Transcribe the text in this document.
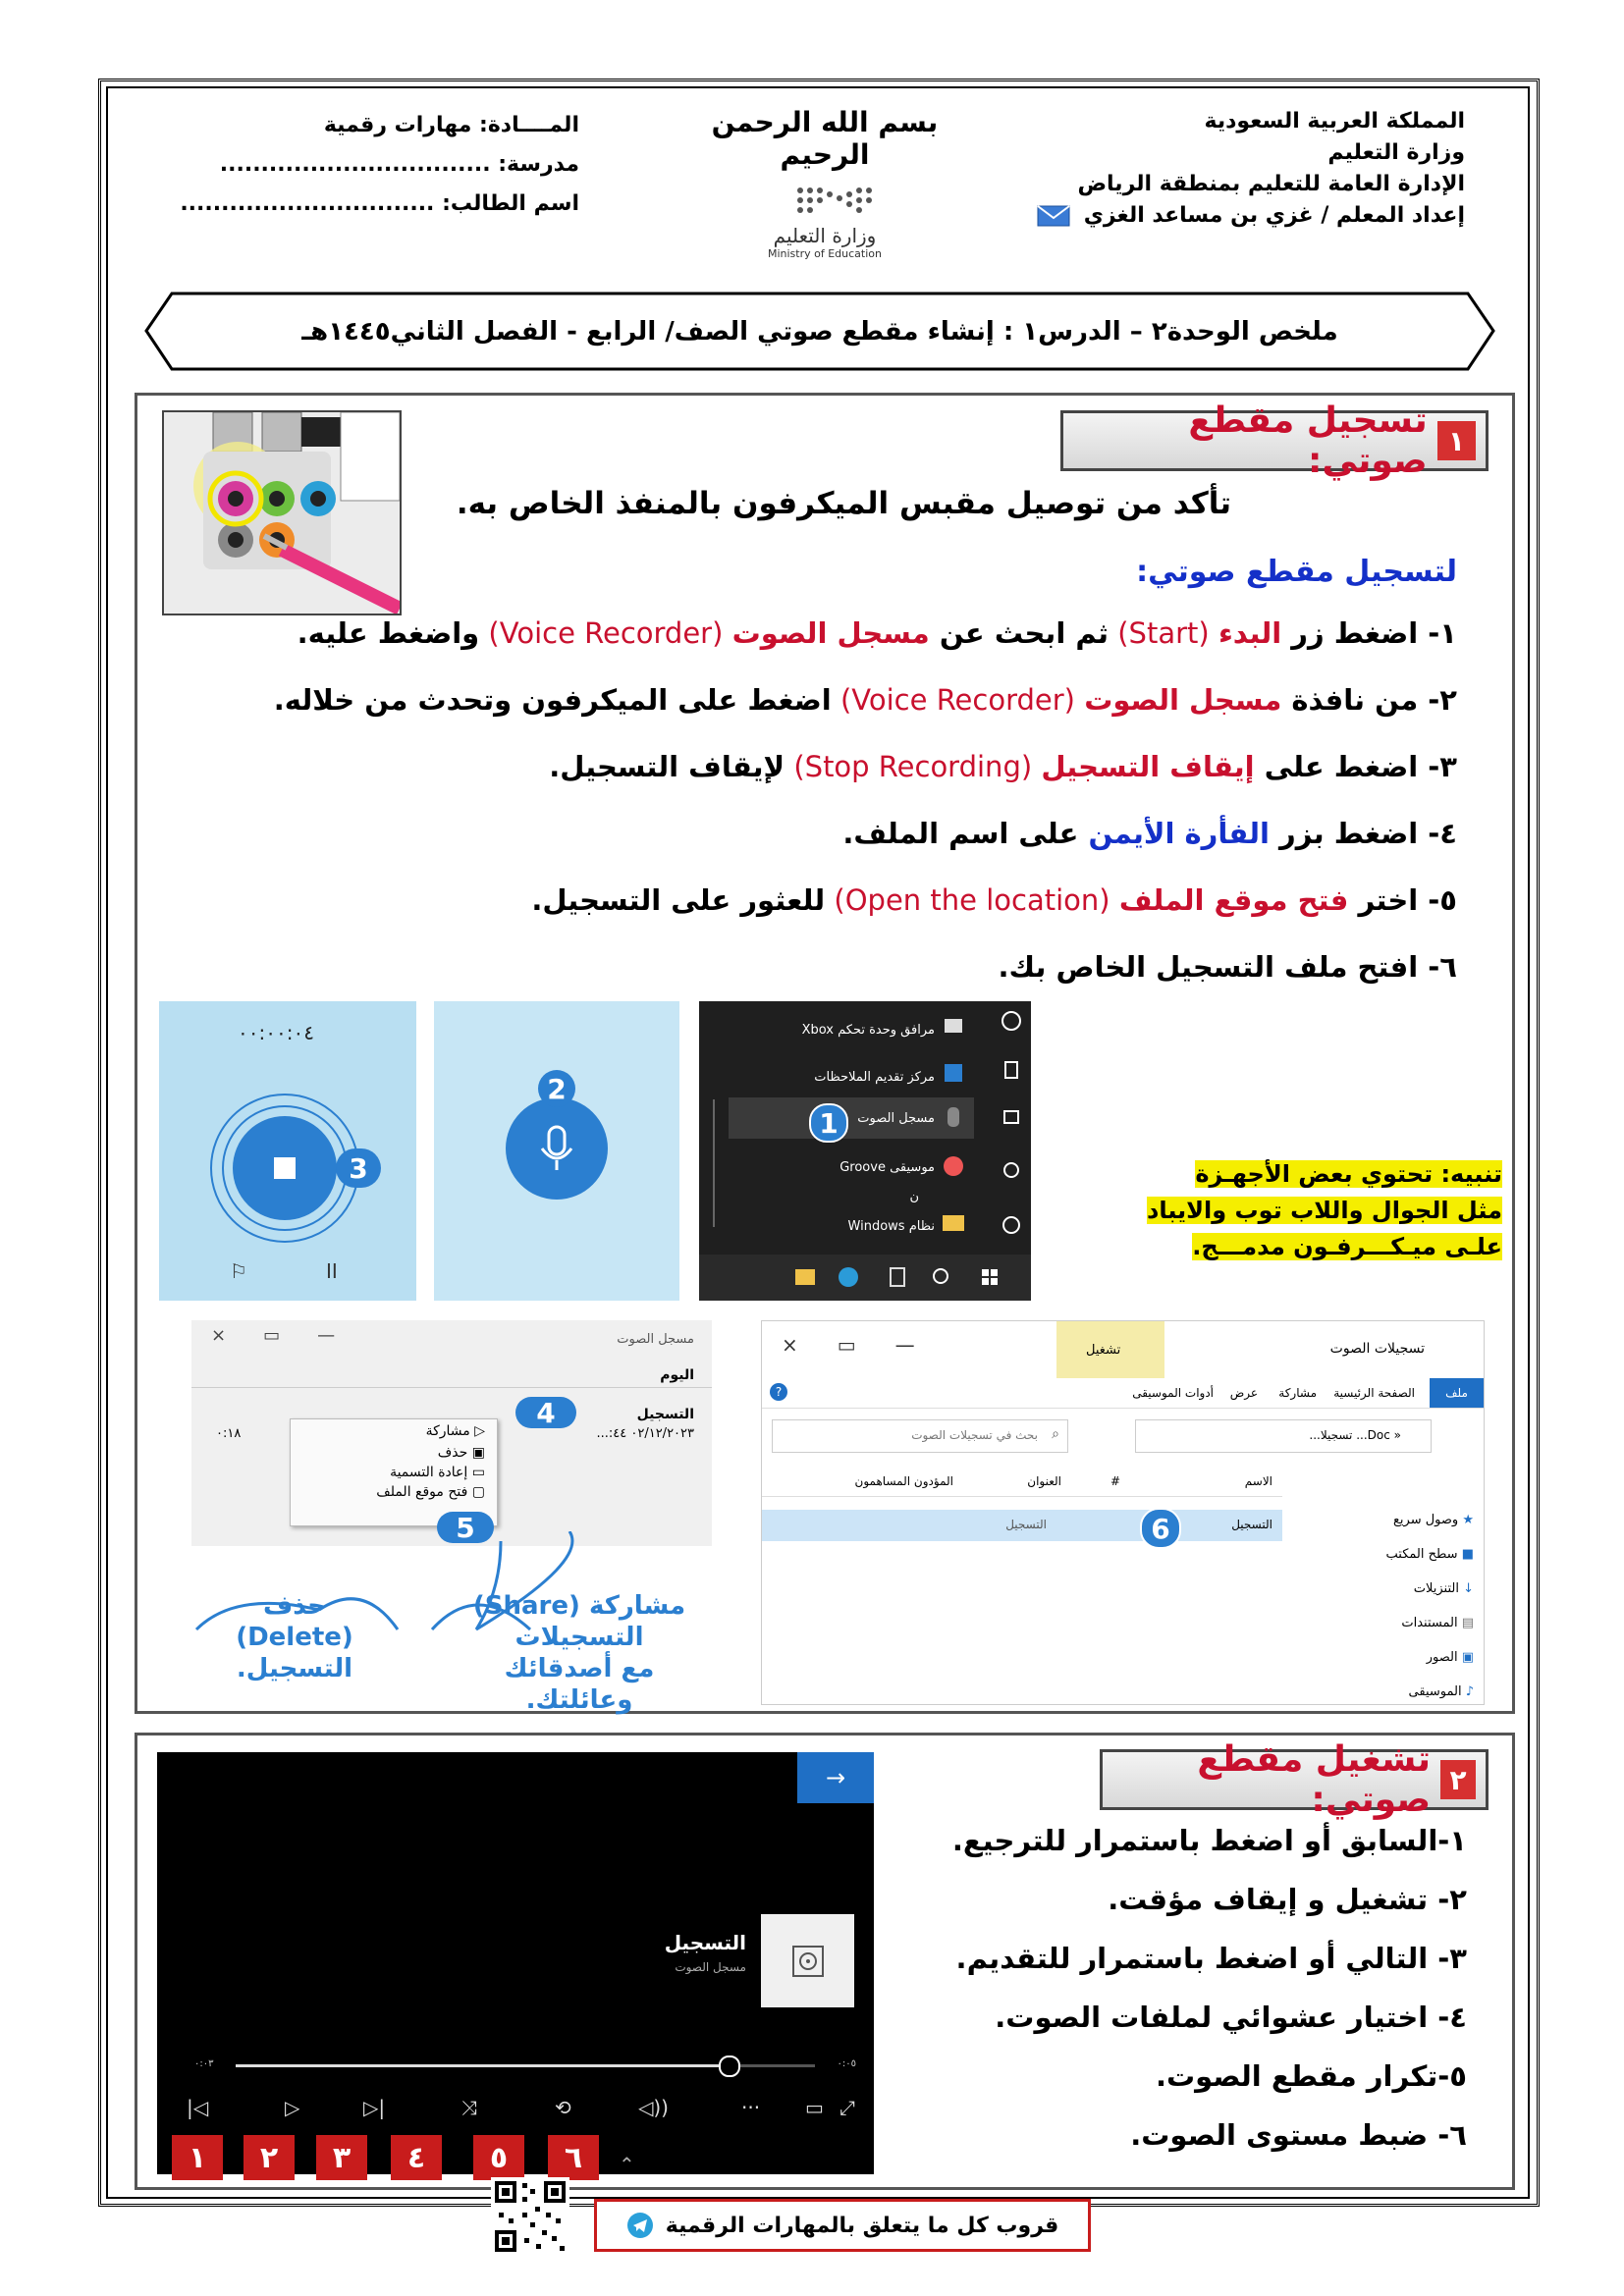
المملكة العربية السعودية
وزارة التعليم
الإدارة العامة للتعليم بمنطقة الرياض
إعداد المعلم / غزي بن مساعد الغزي
بسم الله الرحمن الرحيم
وزارة التعليم
Ministry of Education
المــــادة: مهارات رقمية
مدرسة: .................................
اسم الطالب: ...............................
ملخص الوحدة٢ – الدرس١ : إنشاء مقطع صوتي الصف/ الرابع - الفصل الثاني١٤٤٥هـ
١
تسجيل مقطع صوتي:
تأكد من توصيل مقبس الميكرفون بالمنفذ الخاص به.
لتسجيل مقطع صوتي:
١- اضغط زر البدء (Start) ثم ابحث عن مسجل الصوت (Voice Recorder) واضغط عليه.
٢- من نافذة مسجل الصوت (Voice Recorder) اضغط على الميكرفون وتحدث من خلاله.
٣- اضغط على إيقاف التسجيل (Stop Recording) لإيقاف التسجيل.
٤- اضغط بزر الفأرة الأيمن على اسم الملف.
٥- اختر فتح موقع الملف (Open the location) للعثور على التسجيل.
٦- افتح ملف التسجيل الخاص بك.
٠٠:٠٠:٠٤
⚐	II
3
2
مرافق وحدة تحكم Xbox
مركز تقديم الملاحظات
مسجل الصوت
موسيقى Groove
ن
نظام Windows
1
تنبيه: تحتوي بعض الأجهـزة
مثل الجوال واللاب توب والايباد
علـى ميـكـــرفـون مدمـــج.
مسجل الصوت
×▭—
اليوم
التسجيل
٠٢/١٢/٢٠٢٣ ٤٤:...
٠:١٨	▷ مشاركة
▣ حذف
▭ إعادة التسمية
▢ فتح موقع الملف
4
5
حذف
(Delete)
التسجيل.
مشاركة (Share)
التسجيلات
مع أصدقائك
وعائلتك.
تسجيلات الصوت
تشغيل
×▭—
ملف
الصفحة الرئيسية
مشاركة
عرض
أدوات الموسيقى
?
بحث في تسجيلات الصوت ⌕	« Doc... تسجيلا...
الاسم
#
العنوان
المؤدون المساهمون
التسجيل
التسجيل	6	★ وصول سريع
■ سطح المكتب
↓ التنزيلات
▤ المستندات
▣ الصور
♪ الموسيقى
٢
تشغيل مقطع صوتي:
١-السابق أو اضغط باستمرار للترجيع.
٢- تشغيل و إيقاف مؤقت.
٣- التالي أو اضغط باستمرار للتقديم.
٤- اختيار عشوائي لملفات الصوت.
٥-تكرار مقطع الصوت.
٦- ضبط مستوى الصوت.
→
التسجيل
مسجل الصوت
٠:٠٣	٠:٠٥
|◁	▷	▷|	⤨	⟲	◁))	··· ▭ ⤢
⌃
١	٢	٣	٤	٥	٦
قروب كل ما يتعلق بالمهارات الرقمية
